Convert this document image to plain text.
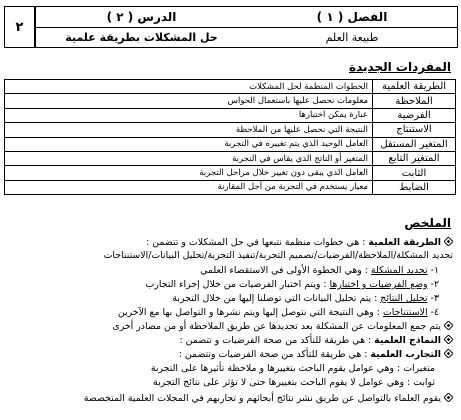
٢
الدرس ( ٢ )
حل المشكلات بطريقة علمية
الفصل ( ١ )
طبيعة العلم
المفردات الجديدة
الطريقة العلمية	الخطوات المنظمة لحل المشكلات
الملاحظة	معلومات نحصل عليها باستعمال الحواس
الفرضية	عبارة يمكن اختبارها
الاستنتاج	النتيجة التي نحصل عليها من الملاحظة
المتغير المستقل	العامل الوحيد الذي يتم تغييره في التجربة
المتغير التابع	المتغير أو الناتج الذي يقاس في التجربة
الثابت	العامل الذي يبقى دون تغيير خلال مراحل التجربة
الضابط	معيار يستخدم في التجربة من أجل المقارنة
الملخص
الطريقة العلمية : هي خطوات منظمة نتبعها في حل المشكلات و تتضمن :
تحديد المشكلة/الملاحظة/الفرضيات/تصميم التجربة/تنفيذ التجربة/تحليل البيانات/الاستنتاجات
١- تحديد المشكلة : وهي الخطوة الأولى في الاستقصاء العلمي
٢- وضع الفرضيات و اختبارها : ويتم اختبار الفرضيات من خلال إجراء التجارب
٣- تحليل النتائج : يتم تحليل البيانات التي توصلنا إليها من خلال التجربة
٤- الاستنتاجات : وهي النتيجة التي نتوصل إليها ويتم نشرها و التواصل بها مع الآخرين
يتم جمع المعلومات عن المشكلة بعد تحديدها عن طريق الملاحظة أو من مصادر أخرى
النماذج العلمية : هي طريقة للتأكد من صحة الفرضيات و تتضمن :
التجارب العلمية : هي طريقة للتأكد من صحة الفرضيات وتتضمن :
متغيرات : وهي عوامل يقوم الباحث بتغييرها و ملاحظة تأثيرها على التجربة
ثوابت : وهي عوامل لا يقوم الباحث بتغييرها حتى لا تؤثر على نتائج التجربة
يقوم العلماء بالتواصل عن طريق نشر نتائج أبحاثهم و تجاربهم في المجلات العلمية المتخصصة
